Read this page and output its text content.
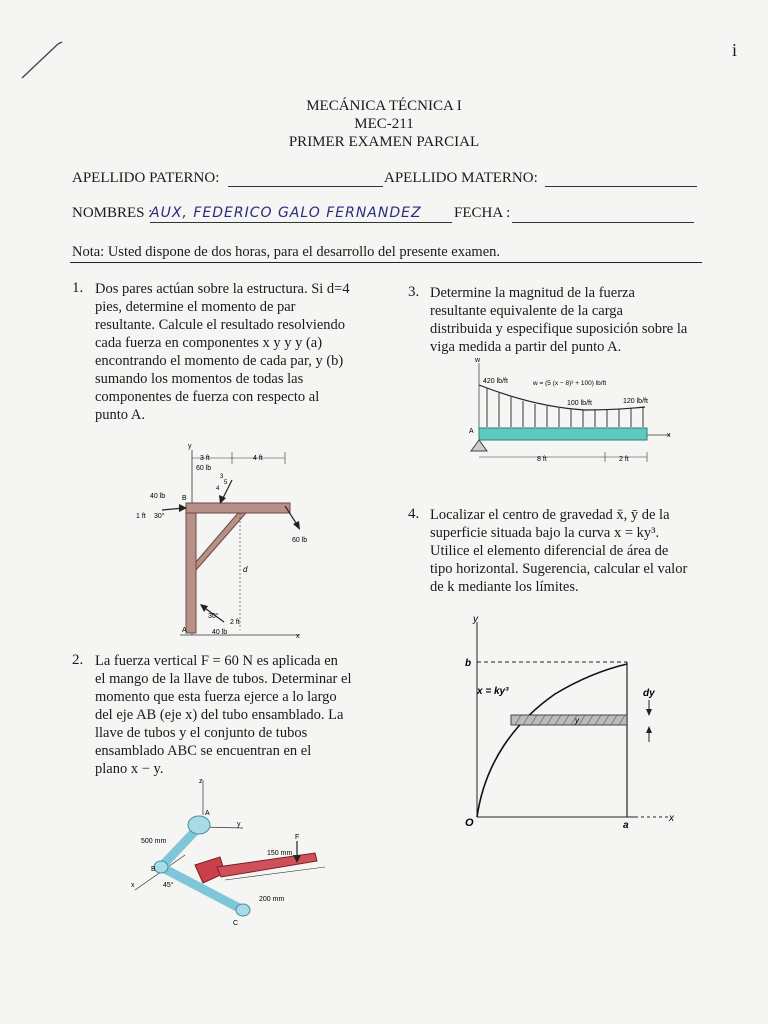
i
MECÁNICA TÉCNICA I
MEC-211
PRIMER EXAMEN PARCIAL
APELLIDO PATERNO:	APELLIDO MATERNO:
NOMBRES :
AUX, FEDERICO GALO FERNANDEZ FECHA :
Nota: Usted dispone de dos horas, para el desarrollo del presente examen.
1. Dos pares actúan sobre la estructura. Si d=4
pies, determine el momento de par
resultante. Calcule el resultado resolviendo
cada fuerza en componentes x y y y (a)
encontrando el momento de cada par, y (b)
sumando los momentos de todas las
componentes de fuerza con respecto al
punto A.
y
3 ft	4 ft
60 lb
5
4
3
40 lb B
1 ft 30°
60 lb
d
30°
2 ft
A	40 lb
x
2. La fuerza vertical F = 60 N es aplicada en
el mango de la llave de tubos. Determinar el
momento que esta fuerza ejerce a lo largo
del eje AB (eje x) del tubo ensamblado. La
llave de tubos y el conjunto de tubos
ensamblado ABC se encuentran en el
plano x − y.
z
A
y
500 mm
F
150 mm
B
45°
x
200 mm
C
3. Determine la magnitud de la fuerza
resultante equivalente de la carga
distribuida y especifique suposición sobre la
viga medida a partir del punto A.
w
420 lb/ft	w = (5 (x − 8)² + 100) lb/ft
100 lb/ft	120 lb/ft
A
x
8 ft	2 ft
4. Localizar el centro de gravedad x̄, ȳ de la
superficie situada bajo la curva x = ky³.
Utilice el elemento diferencial de área de
tipo horizontal. Sugerencia, calcular el valor
de k mediante los límites.
y
b
x = ky³	dy
y
O	a
x
